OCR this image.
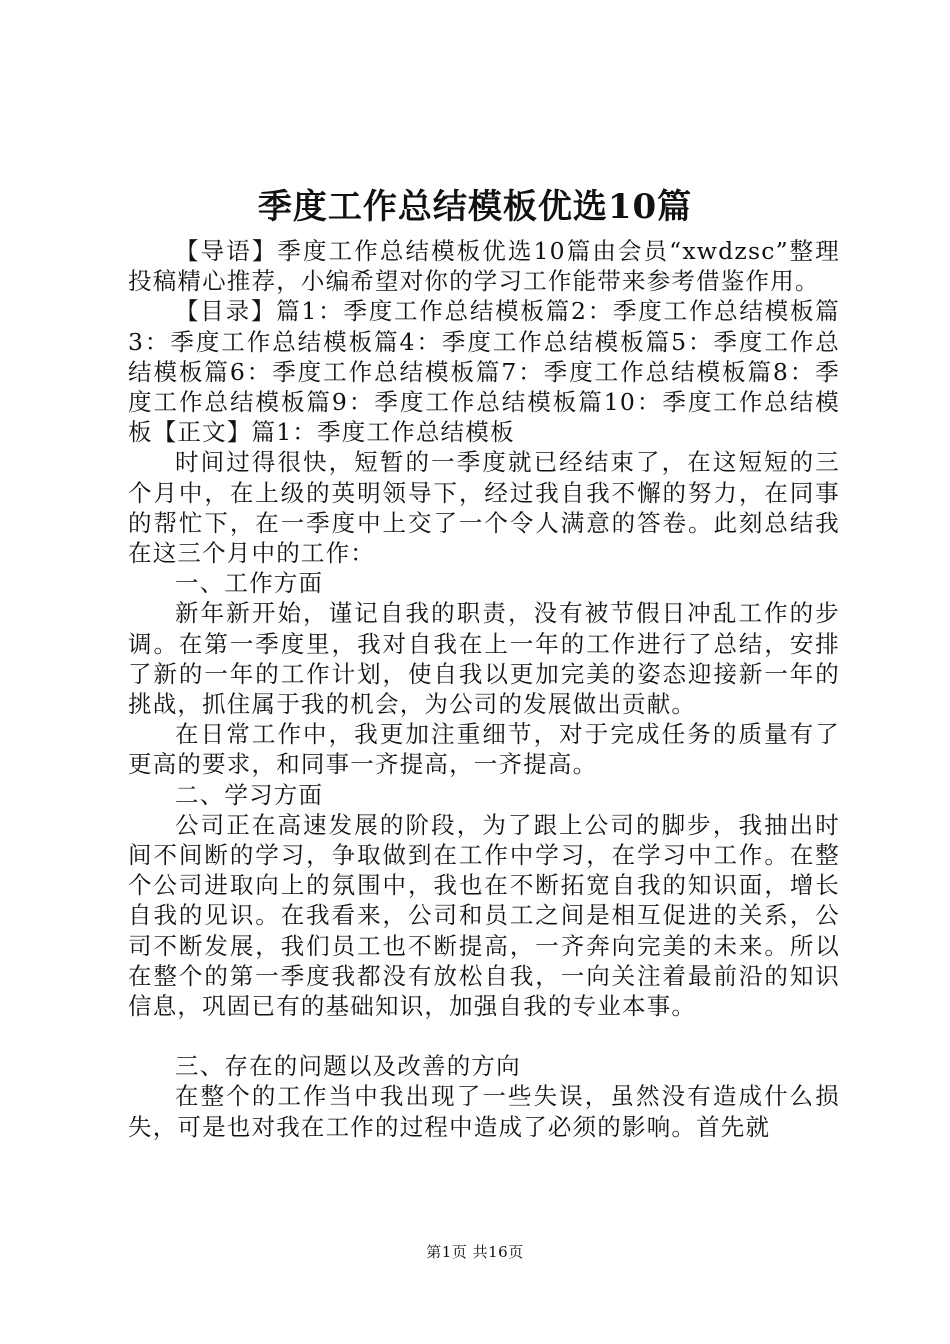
季度工作总结模板优选10篇

【导语】季度工作总结模板优选10篇由会员“xwdzsc”整理投稿精心推荐，小编希望对你的学习工作能带来参考借鉴作用。

【目录】篇1：季度工作总结模板篇2：季度工作总结模板篇3：季度工作总结模板篇4：季度工作总结模板篇5：季度工作总结模板篇6：季度工作总结模板篇7：季度工作总结模板篇8：季度工作总结模板篇9：季度工作总结模板篇10：季度工作总结模板【正文】篇1：季度工作总结模板

时间过得很快，短暂的一季度就已经结束了，在这短短的三个月中，在上级的英明领导下，经过我自我不懈的努力，在同事的帮忙下，在一季度中上交了一个令人满意的答卷。此刻总结我在这三个月中的工作：

一、工作方面

新年新开始，谨记自我的职责，没有被节假日冲乱工作的步调。在第一季度里，我对自我在上一年的工作进行了总结，安排了新的一年的工作计划，使自我以更加完美的姿态迎接新一年的挑战，抓住属于我的机会，为公司的发展做出贡献。

在日常工作中，我更加注重细节，对于完成任务的质量有了更高的要求，和同事一齐提高，一齐提高。

二、学习方面

公司正在高速发展的阶段，为了跟上公司的脚步，我抽出时间不间断的学习，争取做到在工作中学习，在学习中工作。在整个公司进取向上的氛围中，我也在不断拓宽自我的知识面，增长自我的见识。在我看来，公司和员工之间是相互促进的关系，公司不断发展，我们员工也不断提高，一齐奔向完美的未来。所以在整个的第一季度我都没有放松自我，一向关注着最前沿的知识信息，巩固已有的基础知识，加强自我的专业本事。

三、存在的问题以及改善的方向

在整个的工作当中我出现了一些失误，虽然没有造成什么损失，可是也对我在工作的过程中造成了必须的影响。首先就

第1页 共16页
